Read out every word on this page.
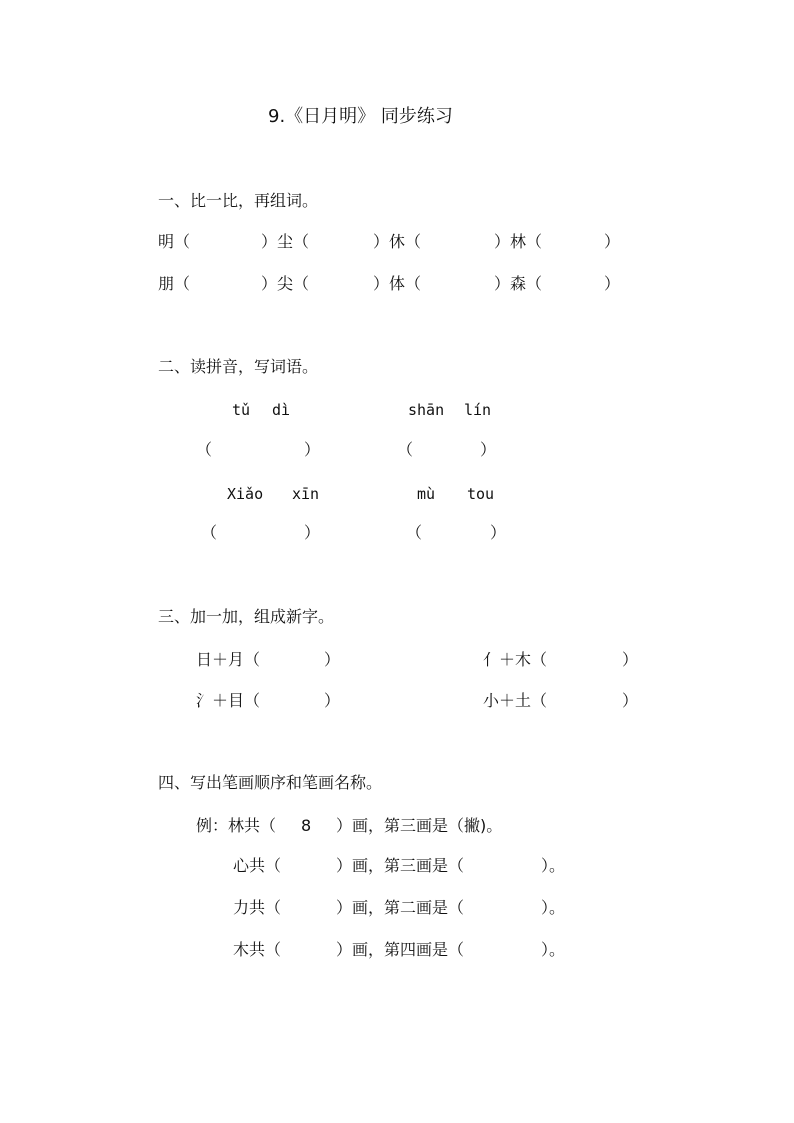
9.《日月明》 同步练习
一、比一比，再组词。
明（	）尘（	）休（	）林（	）
朋（	）尖（	）体（	）森（	）
二、读拼音，写词语。
tǔ dì	shān lín
（	）	（	）
Xiǎo xīn	mù tou
（	）	（	）
三、加一加，组成新字。
日＋月（	）	亻＋木（	）
氵＋目（	）	小＋土（	）
四、写出笔画顺序和笔画名称。
例：林共（ 8 ）画，第三画是（撇)。
心共（	）画，第三画是（	）。
力共（	）画，第二画是（	）。
木共（	）画，第四画是（	）。
